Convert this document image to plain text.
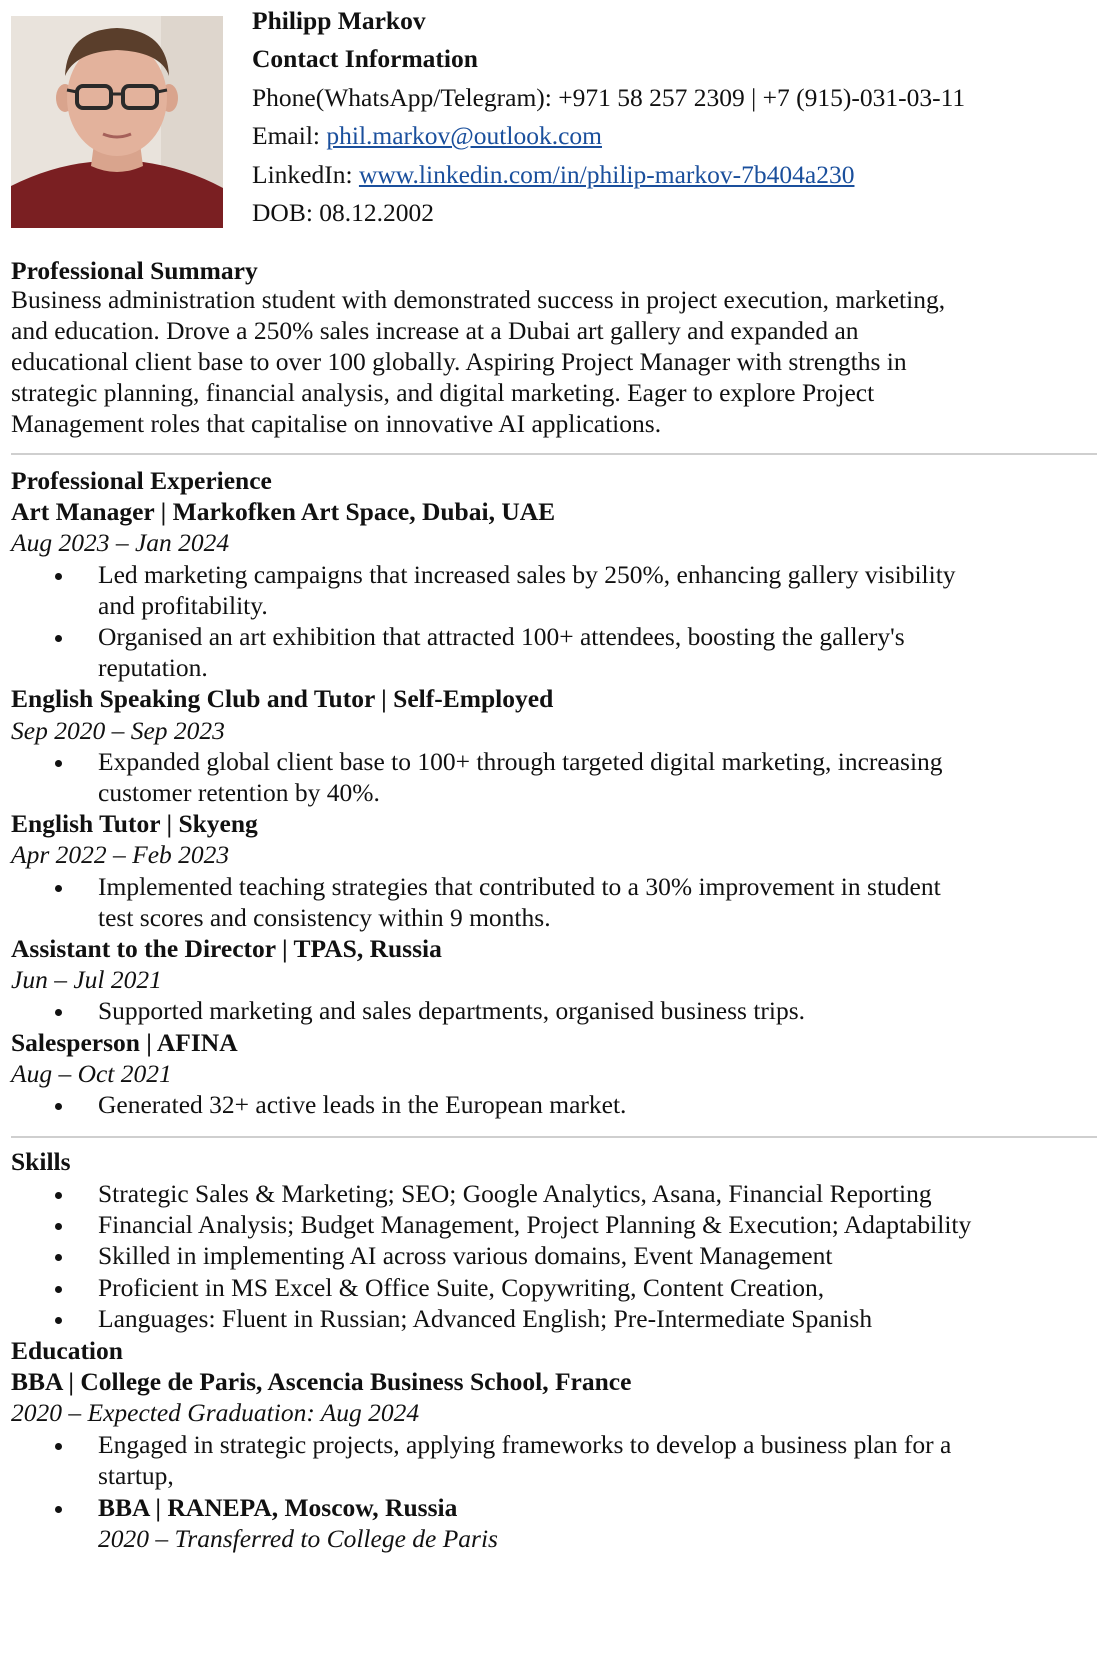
Philipp Markov
Contact Information
Phone(WhatsApp/Telegram): +971 58 257 2309 | +7 (915)-031-03-11
Email: phil.markov@outlook.com
LinkedIn: www.linkedin.com/in/philip-markov-7b404a230
DOB: 08.12.2002
Professional Summary
Business administration student with demonstrated success in project execution, marketing,
and education. Drove a 250% sales increase at a Dubai art gallery and expanded an
educational client base to over 100 globally. Aspiring Project Manager with strengths in
strategic planning, financial analysis, and digital marketing. Eager to explore Project
Management roles that capitalise on innovative AI applications.
Professional Experience
Art Manager | Markofken Art Space, Dubai, UAE
Aug 2023 – Jan 2024
Led marketing campaigns that increased sales by 250%, enhancing gallery visibility
and profitability.
Organised an art exhibition that attracted 100+ attendees, boosting the gallery's
reputation.
English Speaking Club and Tutor | Self-Employed
Sep 2020 – Sep 2023
Expanded global client base to 100+ through targeted digital marketing, increasing
customer retention by 40%.
English Tutor | Skyeng
Apr 2022 – Feb 2023
Implemented teaching strategies that contributed to a 30% improvement in student
test scores and consistency within 9 months.
Assistant to the Director | TPAS, Russia
Jun – Jul 2021
Supported marketing and sales departments, organised business trips.
Salesperson | AFINA
Aug – Oct 2021
Generated 32+ active leads in the European market.
Skills
Strategic Sales & Marketing; SEO; Google Analytics, Asana, Financial Reporting
Financial Analysis; Budget Management, Project Planning & Execution; Adaptability
Skilled in implementing AI across various domains, Event Management
Proficient in MS Excel & Office Suite, Copywriting, Content Creation,
Languages: Fluent in Russian; Advanced English; Pre-Intermediate Spanish
Education
BBA | College de Paris, Ascencia Business School, France
2020 – Expected Graduation: Aug 2024
Engaged in strategic projects, applying frameworks to develop a business plan for a
startup,
BBA | RANEPA, Moscow, Russia
2020 – Transferred to College de Paris
